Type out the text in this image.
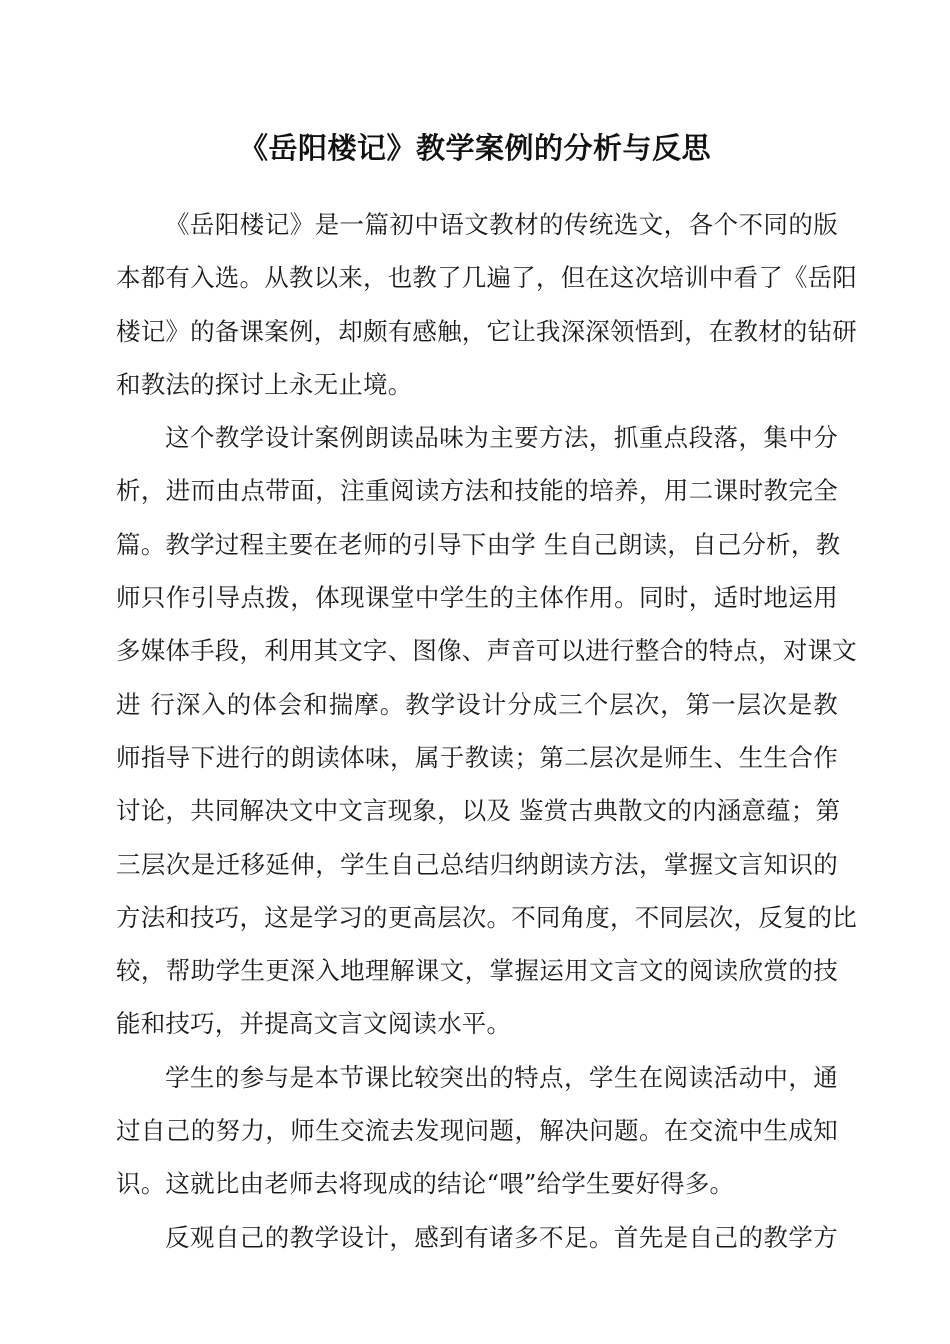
《岳阳楼记》教学案例的分析与反思
《岳阳楼记》是一篇初中语文教材的传统选文，各个不同的版
本都有入选。从教以来，也教了几遍了，但在这次培训中看了《岳阳
楼记》的备课案例，却颇有感触，它让我深深领悟到，在教材的钻研
和教法的探讨上永无止境。
这个教学设计案例朗读品味为主要方法，抓重点段落，集中分
析，进而由点带面，注重阅读方法和技能的培养，用二课时教完全
篇。教学过程主要在老师的引导下由学 生自己朗读，自己分析，教
师只作引导点拨，体现课堂中学生的主体作用。同时，适时地运用
多媒体手段，利用其文字、图像、声音可以进行整合的特点，对课文
进 行深入的体会和揣摩。教学设计分成三个层次，第一层次是教
师指导下进行的朗读体味，属于教读；第二层次是师生、生生合作
讨论，共同解决文中文言现象，以及 鉴赏古典散文的内涵意蕴；第
三层次是迁移延伸，学生自己总结归纳朗读方法，掌握文言知识的
方法和技巧，这是学习的更高层次。不同角度，不同层次，反复的比
较，帮助学生更深入地理解课文，掌握运用文言文的阅读欣赏的技
能和技巧，并提高文言文阅读水平。
学生的参与是本节课比较突出的特点，学生在阅读活动中，通
过自己的努力，师生交流去发现问题，解决问题。在交流中生成知
识。这就比由老师去将现成的结论“喂”给学生要好得多。
反观自己的教学设计，感到有诸多不足。首先是自己的教学方
